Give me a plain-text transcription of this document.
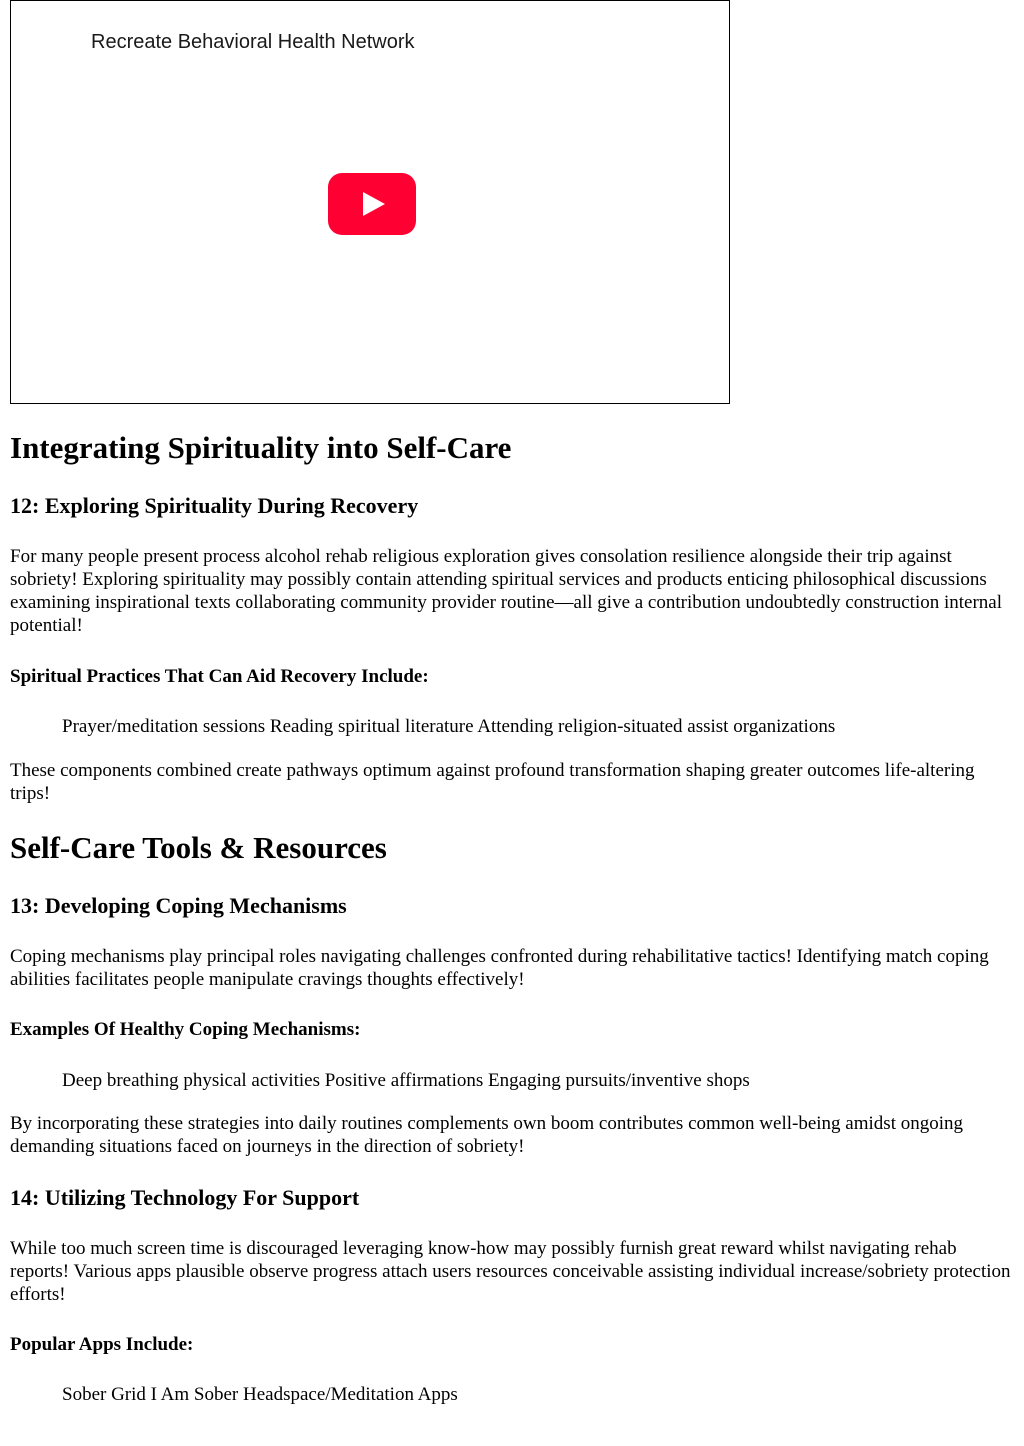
Recreate Behavioral Health Network
Integrating Spirituality into Self-Care
12: Exploring Spirituality During Recovery

For many people present process alcohol rehab religious exploration gives consolation resilience alongside their trip against sobriety! Exploring spirituality may possibly contain attending spiritual services and products enticing philosophical discussions examining inspirational texts collaborating community provider routine—all give a contribution undoubtedly construction internal potential!

Spiritual Practices That Can Aid Recovery Include:

Prayer/meditation sessions Reading spiritual literature Attending religion-situated assist organizations

These components combined create pathways optimum against profound transformation shaping greater outcomes life-altering trips!

Self-Care Tools & Resources
13: Developing Coping Mechanisms

Coping mechanisms play principal roles navigating challenges confronted during rehabilitative tactics! Identifying match coping abilities facilitates people manipulate cravings thoughts effectively!

Examples Of Healthy Coping Mechanisms:

Deep breathing physical activities Positive affirmations Engaging pursuits/inventive shops

By incorporating these strategies into daily routines complements own boom contributes common well-being amidst ongoing demanding situations faced on journeys in the direction of sobriety!

14: Utilizing Technology For Support

While too much screen time is discouraged leveraging know-how may possibly furnish great reward whilst navigating rehab reports! Various apps plausible observe progress attach users resources conceivable assisting individual increase/sobriety protection efforts!

Popular Apps Include:

Sober Grid I Am Sober Headspace/Meditation Apps
